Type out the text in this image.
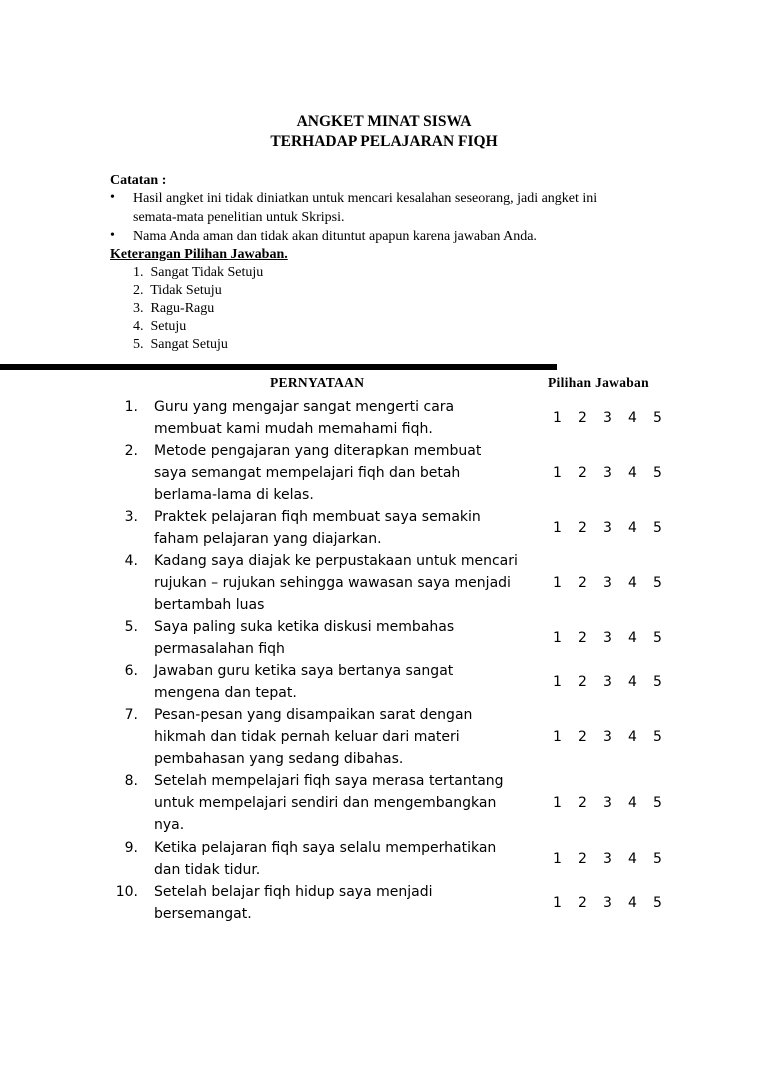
ANGKET MINAT SISWA
TERHADAP PELAJARAN FIQH
Catatan :
• Hasil angket ini tidak diniatkan untuk mencari kesalahan seseorang, jadi angket ini
semata-mata penelitian untuk Skripsi.
• Nama Anda aman dan tidak akan dituntut apapun karena jawaban Anda.
Keterangan Pilihan Jawaban.
1.  Sangat Tidak Setuju
2.  Tidak Setuju
3.  Ragu-Ragu
4.  Setuju
5.  Sangat Setuju
PERNYATAAN	Pilihan Jawaban
1. Guru yang mengajar sangat mengerti cara
membuat kami mudah memahami fiqh.
1	2	3	4	5
2. Metode pengajaran yang diterapkan membuat
saya semangat mempelajari fiqh dan betah
berlama-lama di kelas.
1	2	3	4	5
3. Praktek pelajaran fiqh membuat saya semakin
faham pelajaran yang diajarkan.
1	2	3	4	5
4. Kadang saya diajak ke perpustakaan untuk mencari
rujukan – rujukan sehingga wawasan saya menjadi
bertambah luas
1	2	3	4	5
5. Saya paling suka ketika diskusi membahas
permasalahan fiqh
1	2	3	4	5
6. Jawaban guru ketika saya bertanya sangat
mengena dan tepat.
1	2	3	4	5
7. Pesan-pesan yang disampaikan sarat dengan
hikmah dan tidak pernah keluar dari materi
pembahasan yang sedang dibahas.
1	2	3	4	5
8. Setelah mempelajari fiqh saya merasa tertantang
untuk mempelajari sendiri dan mengembangkan
nya.
1	2	3	4	5
9. Ketika pelajaran fiqh saya selalu memperhatikan
dan tidak tidur.
1	2	3	4	5
10. Setelah belajar fiqh hidup saya menjadi
bersemangat.
1	2	3	4	5
